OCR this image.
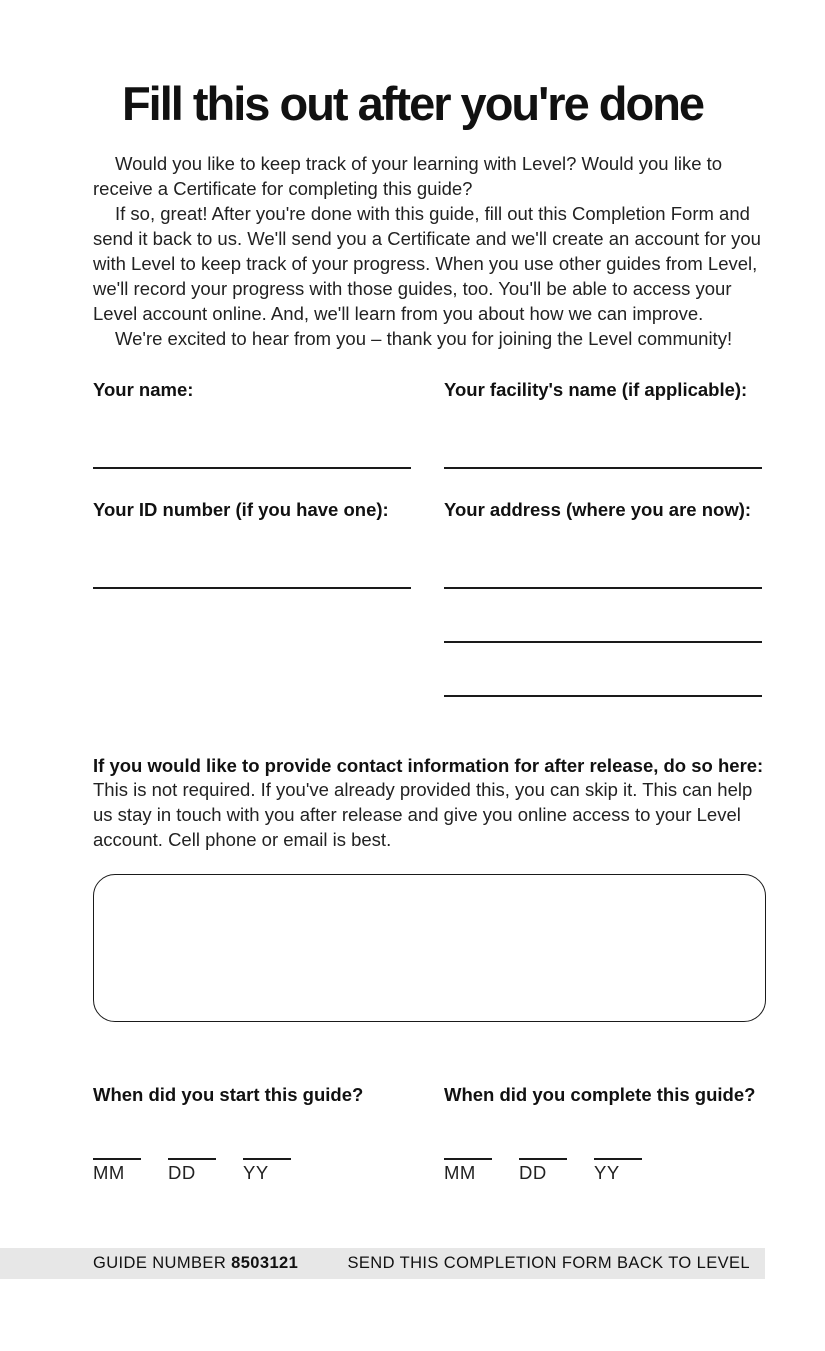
Fill this out after you're done

Would you like to keep track of your learning with Level? Would you like to receive a Certificate for completing this guide?

If so, great! After you're done with this guide, fill out this Completion Form and send it back to us. We'll send you a Certificate and we'll create an account for you with Level to keep track of your progress. When you use other guides from Level, we'll record your progress with those guides, too. You'll be able to access your Level account online. And, we'll learn from you about how we can improve.

We're excited to hear from you – thank you for joining the Level community!

Your name:	Your facility's name (if applicable):
Your ID number (if you have one):	Your address (where you are now):
If you would like to provide contact information for after release, do so here:
This is not required. If you've already provided this, you can skip it. This can help us stay in touch with you after release and give you online access to your Level account. Cell phone or email is best.
When did you start this guide?
MM	DD	YY
When did you complete this guide?
MM	DD	YY
GUIDE NUMBER 8503121	SEND THIS COMPLETION FORM BACK TO LEVEL
